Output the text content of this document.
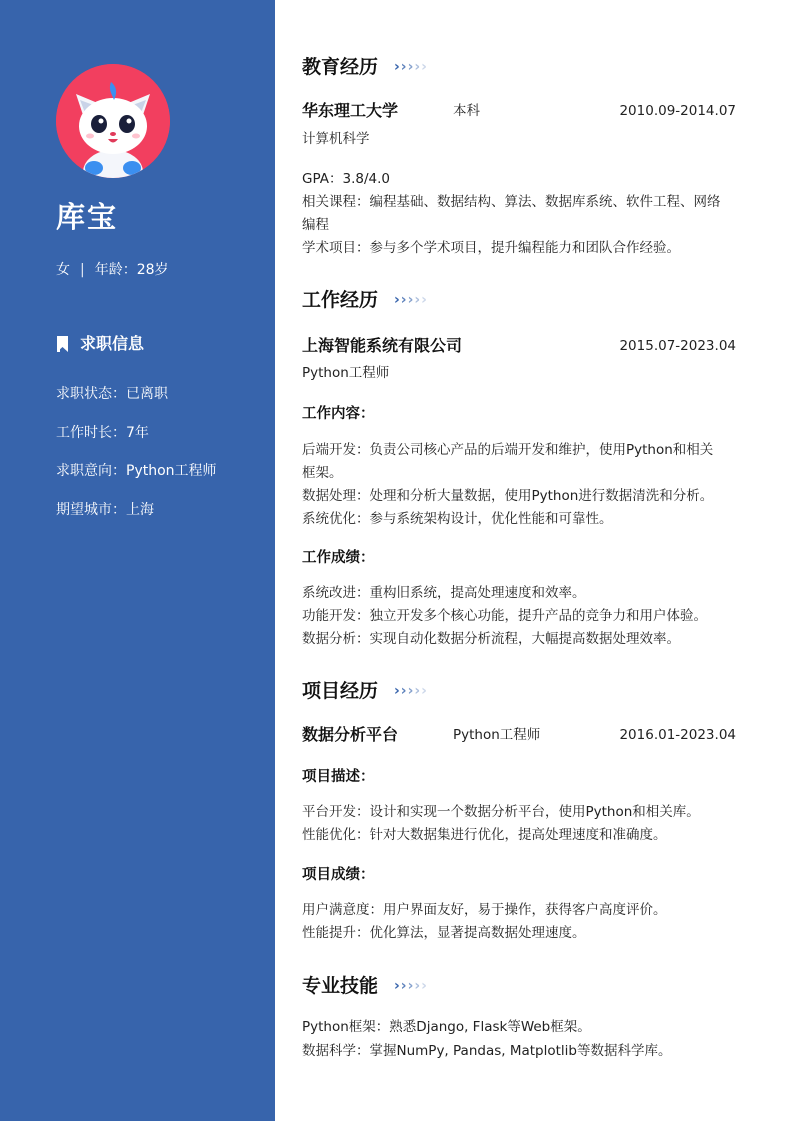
库宝
女 | 年龄：28岁
求职信息
求职状态：已离职
工作时长：7年
求职意向：Python工程师
期望城市：上海
教育经历 › › › › ›
华东理工大学	本科	2010.09-2014.07
计算机科学
GPA：3.8/4.0
相关课程：编程基础、数据结构、算法、数据库系统、软件工程、网络
编程
学术项目：参与多个学术项目，提升编程能力和团队合作经验。
工作经历 › › › › ›
上海智能系统有限公司	2015.07-2023.04
Python工程师
工作内容：
后端开发：负责公司核心产品的后端开发和维护，使用Python和相关
框架。
数据处理：处理和分析大量数据，使用Python进行数据清洗和分析。
系统优化：参与系统架构设计，优化性能和可靠性。
工作成绩：
系统改进：重构旧系统，提高处理速度和效率。
功能开发：独立开发多个核心功能，提升产品的竞争力和用户体验。
数据分析：实现自动化数据分析流程，大幅提高数据处理效率。
项目经历 › › › › ›
数据分析平台	Python工程师	2016.01-2023.04
项目描述：
平台开发：设计和实现一个数据分析平台，使用Python和相关库。
性能优化：针对大数据集进行优化，提高处理速度和准确度。
项目成绩：
用户满意度：用户界面友好，易于操作，获得客户高度评价。
性能提升：优化算法，显著提高数据处理速度。
专业技能 › › › › ›
Python框架：熟悉Django, Flask等Web框架。
数据科学：掌握NumPy, Pandas, Matplotlib等数据科学库。
